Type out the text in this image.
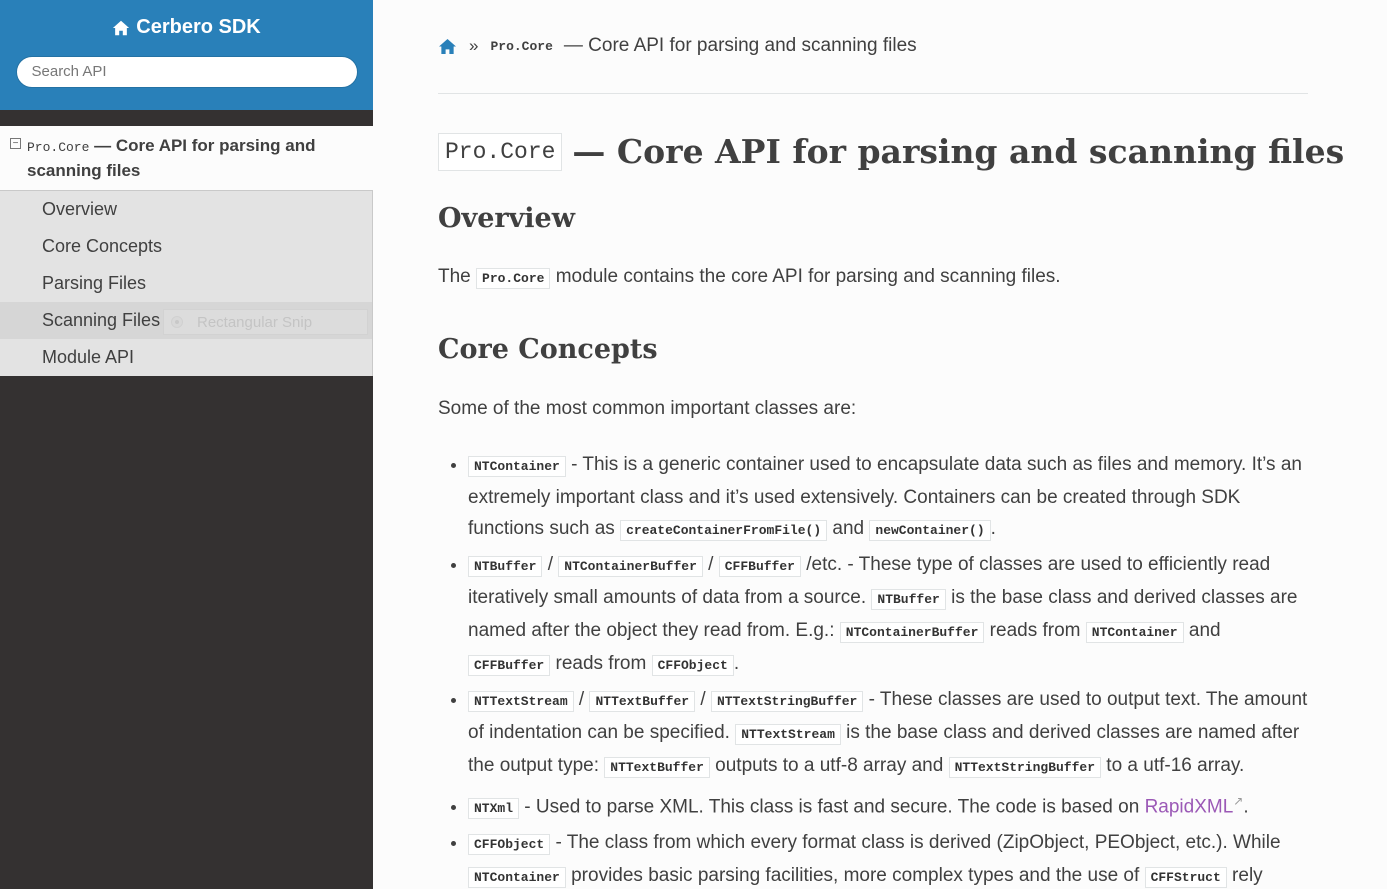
Cerbero SDK
Search API
− Pro.Core — Core API for parsing and scanning files
Overview
Core Concepts
Parsing Files
Scanning Files	Rectangular Snip
Module API
» Pro.Core — Core API for parsing and scanning files
Pro.Core — Core API for parsing and scanning files
Overview

The Pro.Core module contains the core API for parsing and scanning files.

Core Concepts

Some of the most common important classes are:

• NTContainer - This is a generic container used to encapsulate data such as files and memory. It’s an extremely important class and it’s used extensively. Containers can be created through SDK functions such as createContainerFromFile() and newContainer() .
• NTBuffer / NTContainerBuffer / CFFBuffer /etc. - These type of classes are used to efficiently read iteratively small amounts of data from a source. NTBuffer is the base class and derived classes are named after the object they read from. E.g.: NTContainerBuffer reads from NTContainer and CFFBuffer reads from CFFObject .
• NTTextStream / NTTextBuffer / NTTextStringBuffer - These classes are used to output text. The amount of indentation can be specified. NTTextStream is the base class and derived classes are named after the output type: NTTextBuffer outputs to a utf-8 array and NTTextStringBuffer to a utf-16 array.
• NTXml - Used to parse XML. This class is fast and secure. The code is based on RapidXML↗.
• CFFObject - The class from which every format class is derived (ZipObject, PEObject, etc.). While NTContainer provides basic parsing facilities, more complex types and the use of CFFStruct rely
